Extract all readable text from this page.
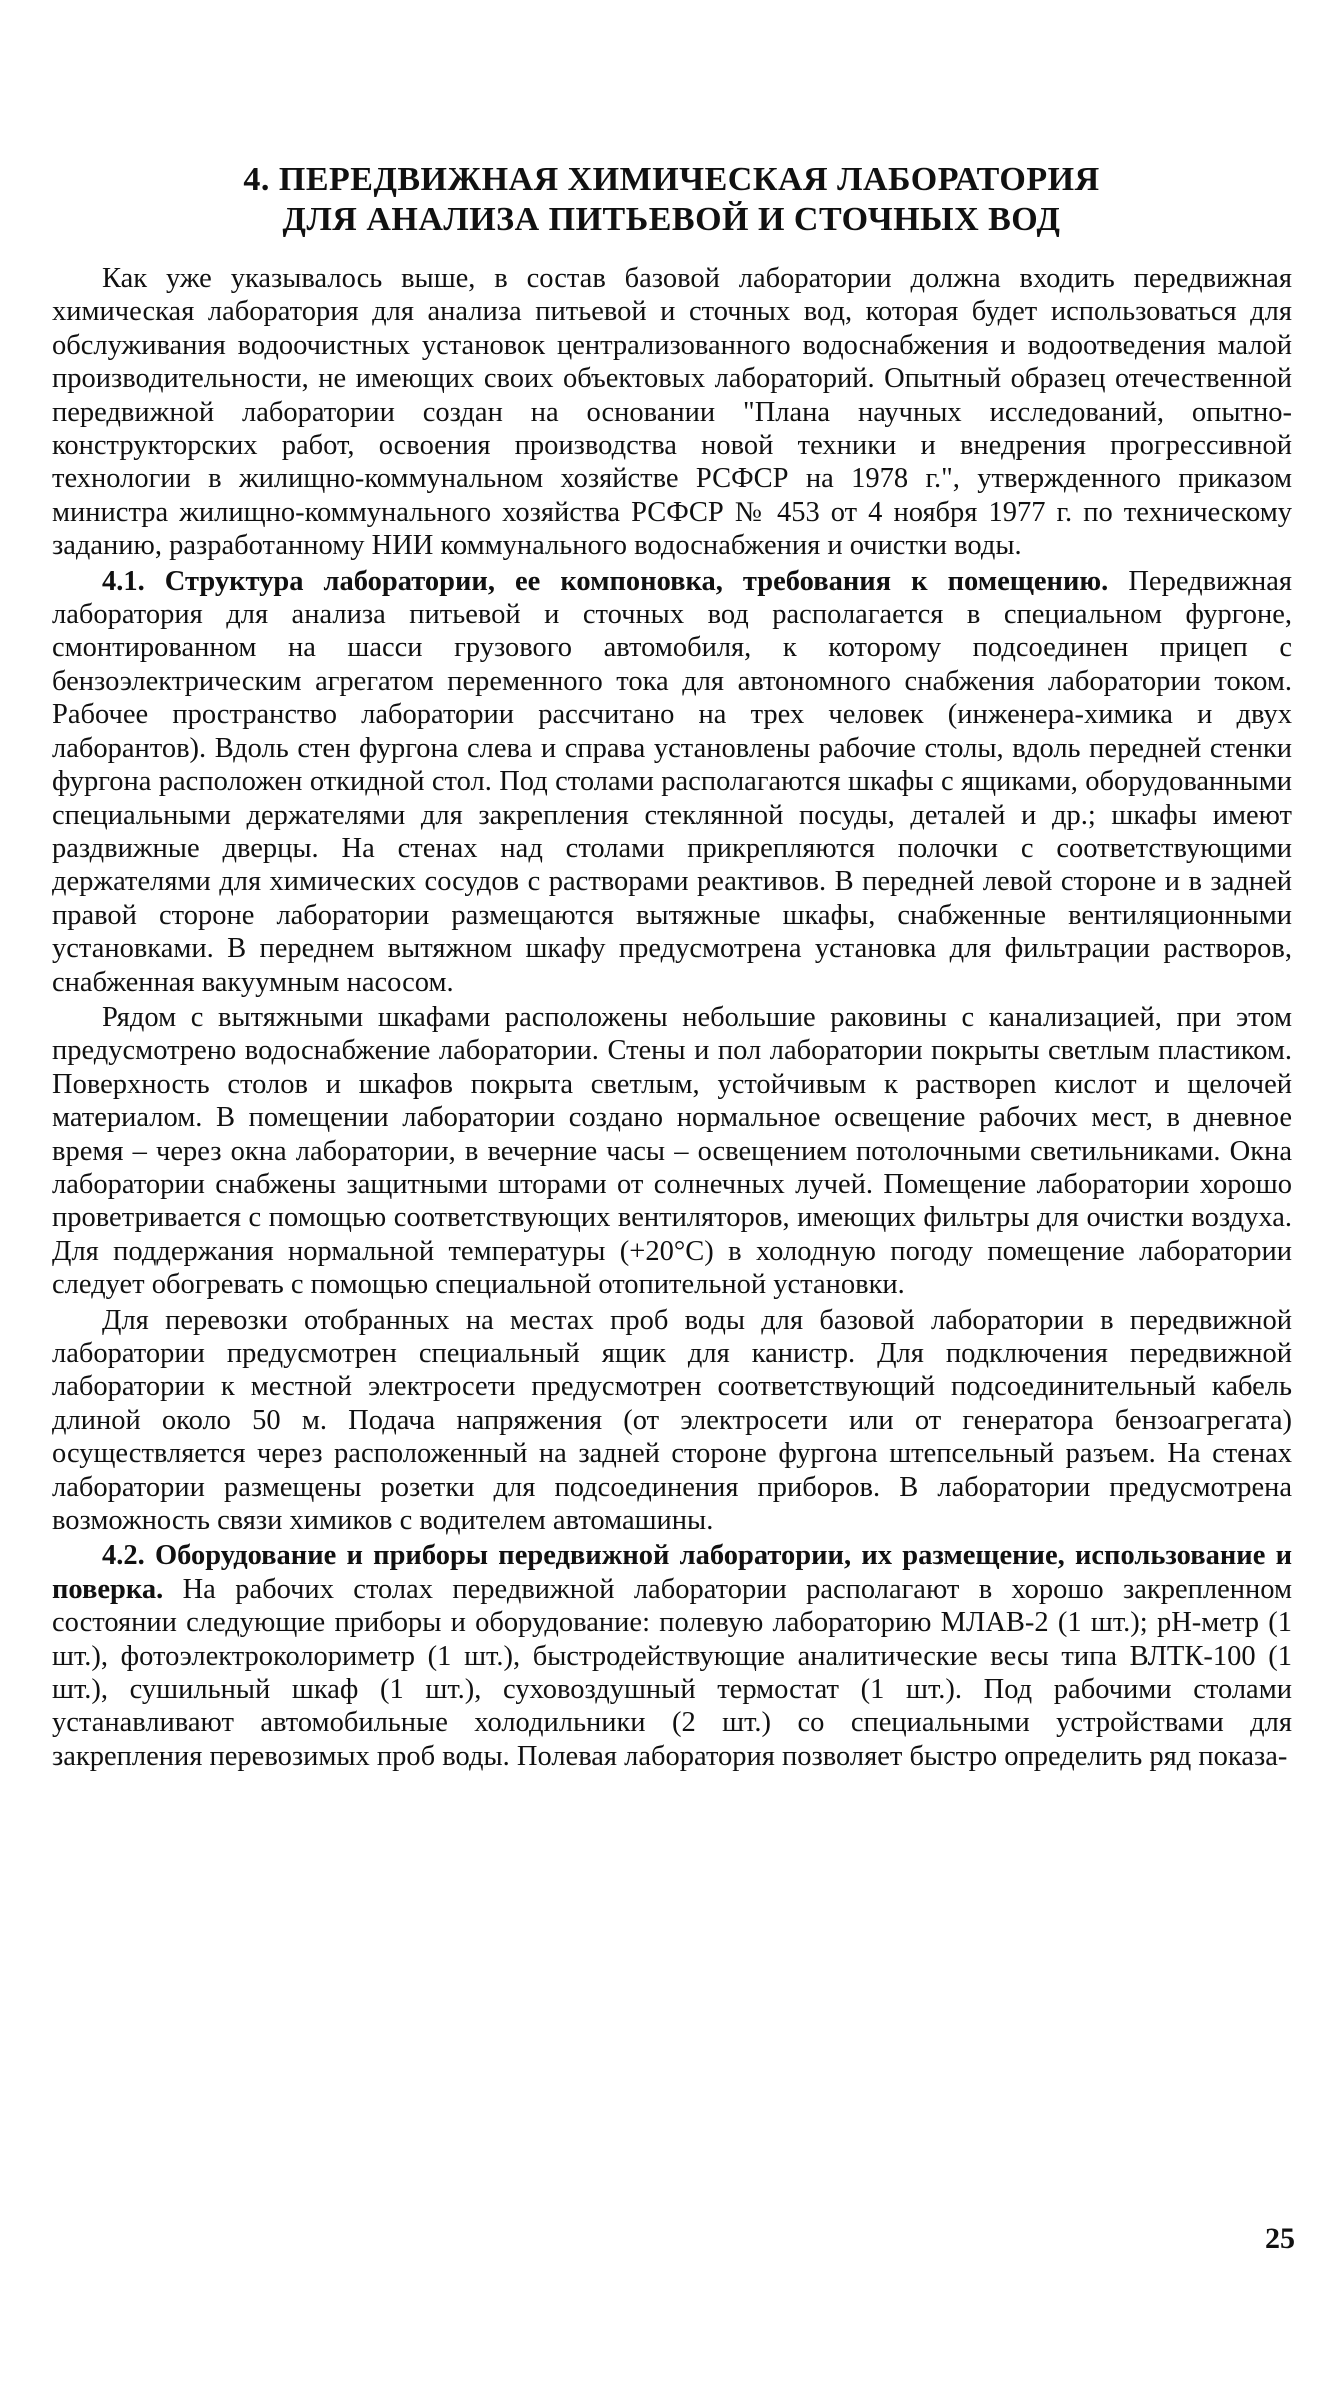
4. ПЕРЕДВИЖНАЯ ХИМИЧЕСКАЯ ЛАБОРАТОРИЯ
ДЛЯ АНАЛИЗА ПИТЬЕВОЙ И СТОЧНЫХ ВОД

Как уже указывалось выше, в состав базовой лаборатории должна входить передвижная химическая лаборатория для анализа питьевой и сточных вод, которая будет использоваться для обслуживания водоочистных установок централизованного водоснабжения и водоотведения малой производительности, не имеющих своих объектовых лабораторий. Опытный образец отечественной передвижной лаборатории создан на основании "Плана научных исследований, опытно-конструкторских работ, освоения производства новой техники и внедрения прогрессивной технологии в жилищно-коммунальном хозяйстве РСФСР на 1978 г.", утвержденного приказом министра жилищно-коммунального хозяйства РСФСР № 453 от 4 ноября 1977 г. по техническому заданию, разработанному НИИ коммунального водоснабжения и очистки воды.

4.1. Структура лаборатории, ее компоновка, требования к помещению. Передвижная лаборатория для анализа питьевой и сточных вод располагается в специальном фургоне, смонтированном на шасси грузового автомобиля, к которому подсоединен прицеп с бензоэлектрическим агрегатом переменного тока для автономного снабжения лаборатории током. Рабочее пространство лаборатории рассчитано на трех человек (инженера-химика и двух лаборантов). Вдоль стен фургона слева и справа установлены рабочие столы, вдоль передней стенки фургона расположен откидной стол. Под столами располагаются шкафы с ящиками, оборудованными специальными держателями для закрепления стеклянной посуды, деталей и др.; шкафы имеют раздвижные дверцы. На стенах над столами прикрепляются полочки с соответствующими держателями для химических сосудов с растворами реактивов. В передней левой стороне и в задней правой стороне лаборатории размещаются вытяжные шкафы, снабженные вентиляционными установками. В переднем вытяжном шкафу предусмотрена установка для фильтрации растворов, снабженная вакуумным насосом.

Рядом с вытяжными шкафами расположены небольшие раковины с канализацией, при этом предусмотрено водоснабжение лаборатории. Стены и пол лаборатории покрыты светлым пластиком. Поверхность столов и шкафов покрыта светлым, устойчивым к раствopen кислот и щелочей материалом. В помещении лаборатории создано нормальное освещение рабочих мест, в дневное время – через окна лаборатории, в вечерние часы – освещением потолочными светильниками. Окна лаборатории снабжены защитными шторами от солнечных лучей. Помещение лаборатории хорошо проветривается с помощью соответствующих вентиляторов, имеющих фильтры для очистки воздуха. Для поддержания нормальной температуры (+20°С) в холодную погоду помещение лаборатории следует обогревать с помощью специальной отопительной установки.

Для перевозки отобранных на местах проб воды для базовой лаборатории в передвижной лаборатории предусмотрен специальный ящик для канистр. Для подключения передвижной лаборатории к местной электросети предусмотрен соответствующий подсоединительный кабель длиной около 50 м. Подача напряжения (от электросети или от генератора бензоагрегата) осуществляется через расположенный на задней стороне фургона штепсельный разъем. На стенах лаборатории размещены розетки для подсоединения приборов. В лаборатории предусмотрена возможность связи химиков с водителем автомашины.

4.2. Оборудование и приборы передвижной лаборатории, их размещение, использование и поверка. На рабочих столах передвижной лаборатории располагают в хорошо закрепленном состоянии следующие приборы и оборудование: полевую лабораторию МЛАВ-2 (1 шт.); рН-метр (1 шт.), фотоэлектроколориметр (1 шт.), быстродействующие аналитические весы типа ВЛТК-100 (1 шт.), сушильный шкаф (1 шт.), суховоздушный термостат (1 шт.). Под рабочими столами устанавливают автомобильные холодильники (2 шт.) со специальными устройствами для закрепления перевозимых проб воды. Полевая лаборатория позволяет быстро определить ряд показа-

25
